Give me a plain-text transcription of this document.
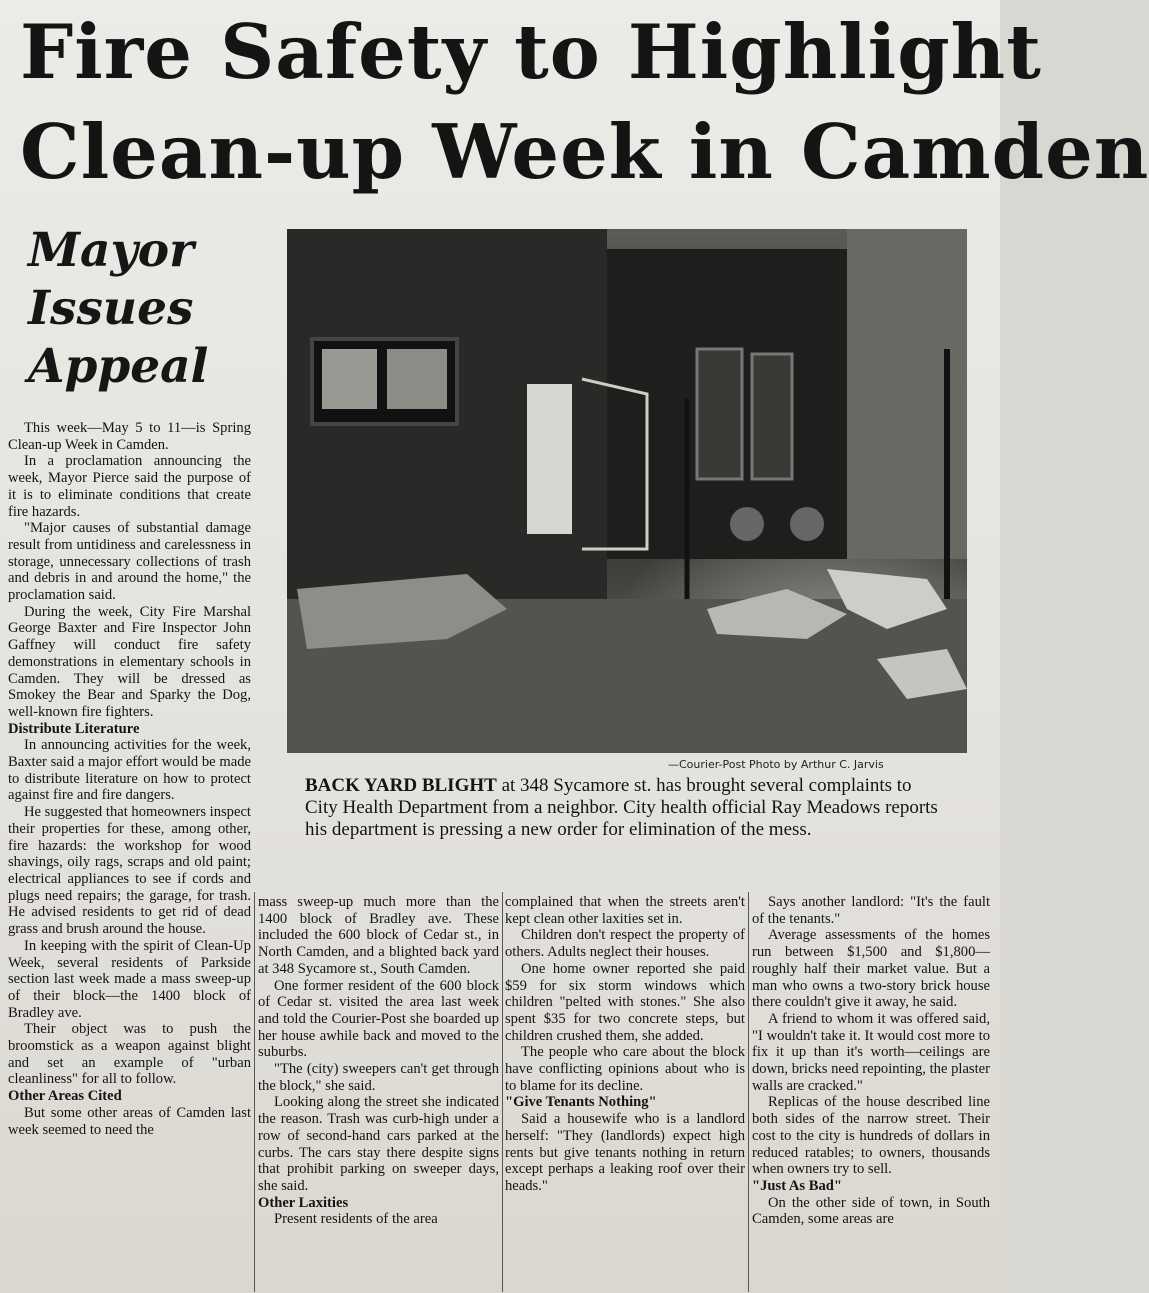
Fire Safety to Highlight
Clean-up Week in Camden
Mayor
Issues
Appeal
—Courier-Post Photo by Arthur C. Jarvis
BACK YARD BLIGHT at 348 Sycamore st. has brought several complaints to City Health Department from a neighbor. City health official Ray Meadows reports his department is pressing a new order for elimination of the mess.

This week—May 5 to 11—is Spring Clean-up Week in Camden.

In a proclamation announcing the week, Mayor Pierce said the purpose of it is to eliminate conditions that create fire hazards.

"Major causes of substantial damage result from untidiness and carelessness in storage, unnecessary collections of trash and debris in and around the home," the proclamation said.

During the week, City Fire Marshal George Baxter and Fire Inspector John Gaffney will conduct fire safety demonstrations in elementary schools in Camden. They will be dressed as Smokey the Bear and Sparky the Dog, well-known fire fighters.

Distribute Literature

In announcing activities for the week, Baxter said a major effort would be made to distribute literature on how to protect against fire and fire dangers.

He suggested that homeowners inspect their properties for these, among other, fire hazards: the workshop for wood shavings, oily rags, scraps and old paint; electrical appliances to see if cords and plugs need repairs; the garage, for trash. He advised residents to get rid of dead grass and brush around the house.

In keeping with the spirit of Clean-Up Week, several residents of Parkside section last week made a mass sweep-up of their block—the 1400 block of Bradley ave.

Their object was to push the broomstick as a weapon against blight and set an example of "urban cleanliness" for all to follow.

Other Areas Cited

But some other areas of Camden last week seemed to need the

mass sweep-up much more than the 1400 block of Bradley ave. These included the 600 block of Cedar st., in North Camden, and a blighted back yard at 348 Sycamore st., South Camden.

One former resident of the 600 block of Cedar st. visited the area last week and told the Courier-Post she boarded up her house awhile back and moved to the suburbs.

"The (city) sweepers can't get through the block," she said.

Looking along the street she indicated the reason. Trash was curb-high under a row of second-hand cars parked at the curbs. The cars stay there despite signs that prohibit parking on sweeper days, she said.

Other Laxities

Present residents of the area

complained that when the streets aren't kept clean other laxities set in.

Children don't respect the property of others. Adults neglect their houses.

One home owner reported she paid $59 for six storm windows which children "pelted with stones." She also spent $35 for two concrete steps, but children crushed them, she added.

The people who care about the block have conflicting opinions about who is to blame for its decline.

"Give Tenants Nothing"

Said a housewife who is a landlord herself: "They (landlords) expect high rents but give tenants nothing in return except perhaps a leaking roof over their heads."

Says another landlord: "It's the fault of the tenants."

Average assessments of the homes run between $1,500 and $1,800—roughly half their market value. But a man who owns a two-story brick house there couldn't give it away, he said.

A friend to whom it was offered said, "I wouldn't take it. It would cost more to fix it up than it's worth—ceilings are down, bricks need repointing, the plaster walls are cracked."

Replicas of the house described line both sides of the narrow street. Their cost to the city is hundreds of dollars in reduced ratables; to owners, thousands when owners try to sell.

"Just As Bad"

On the other side of town, in South Camden, some areas are
